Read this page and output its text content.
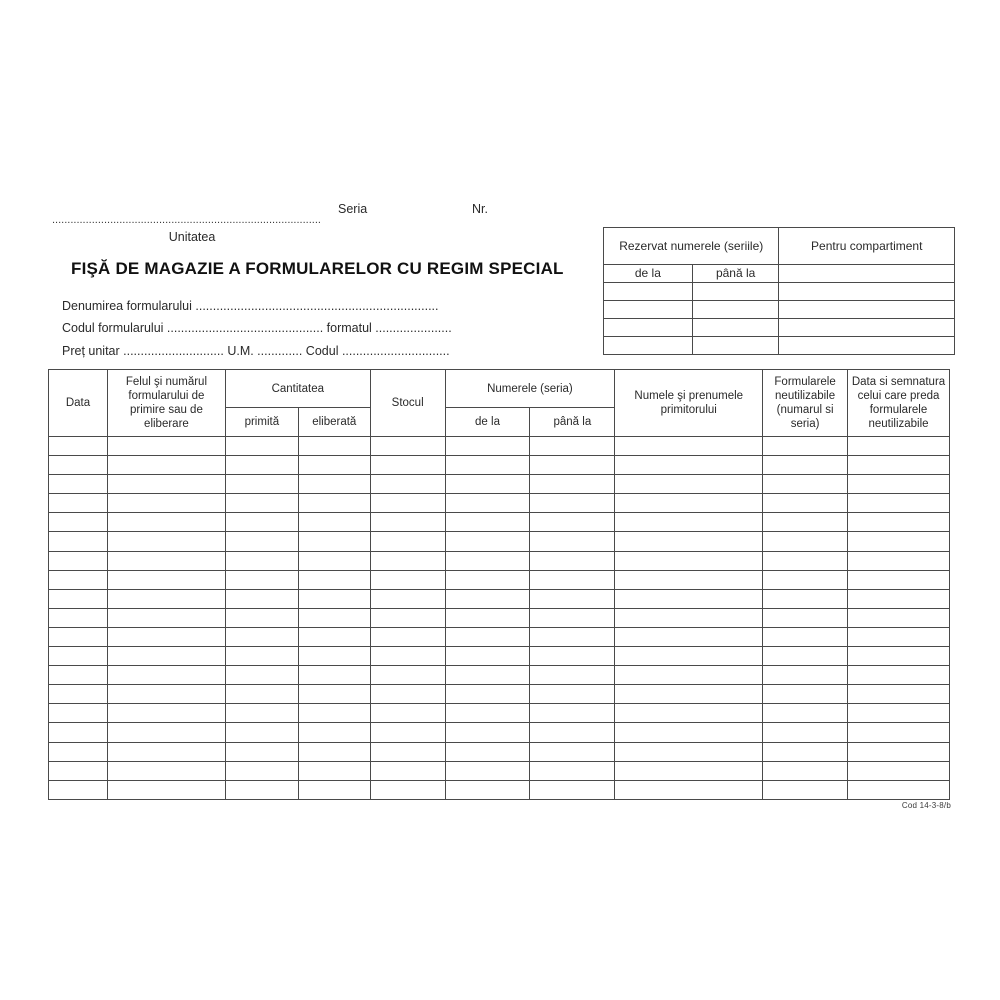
Seria	Nr.
........................................................................................
Unitatea
FIŞĂ DE MAGAZIE A FORMULARELOR CU REGIM SPECIAL
Denumirea formularului ......................................................................
Codul formularului ............................................. formatul ......................
Preț unitar ............................. U.M. ............. Codul ...............................
Rezervat numerele (seriile)		Pentru compartiment
de la	până la	

Data	Felul şi numărul formularului de primire sau de eliberare	Cantitatea		Stocul	Numerele (seria)		Numele şi prenumele primitorului	Formularele neutilizabile (numarul si seria)	Data si semnatura celui care preda formularele neutilizabile
		primită	eliberată		de la	până la			

Cod 14-3-8/b
